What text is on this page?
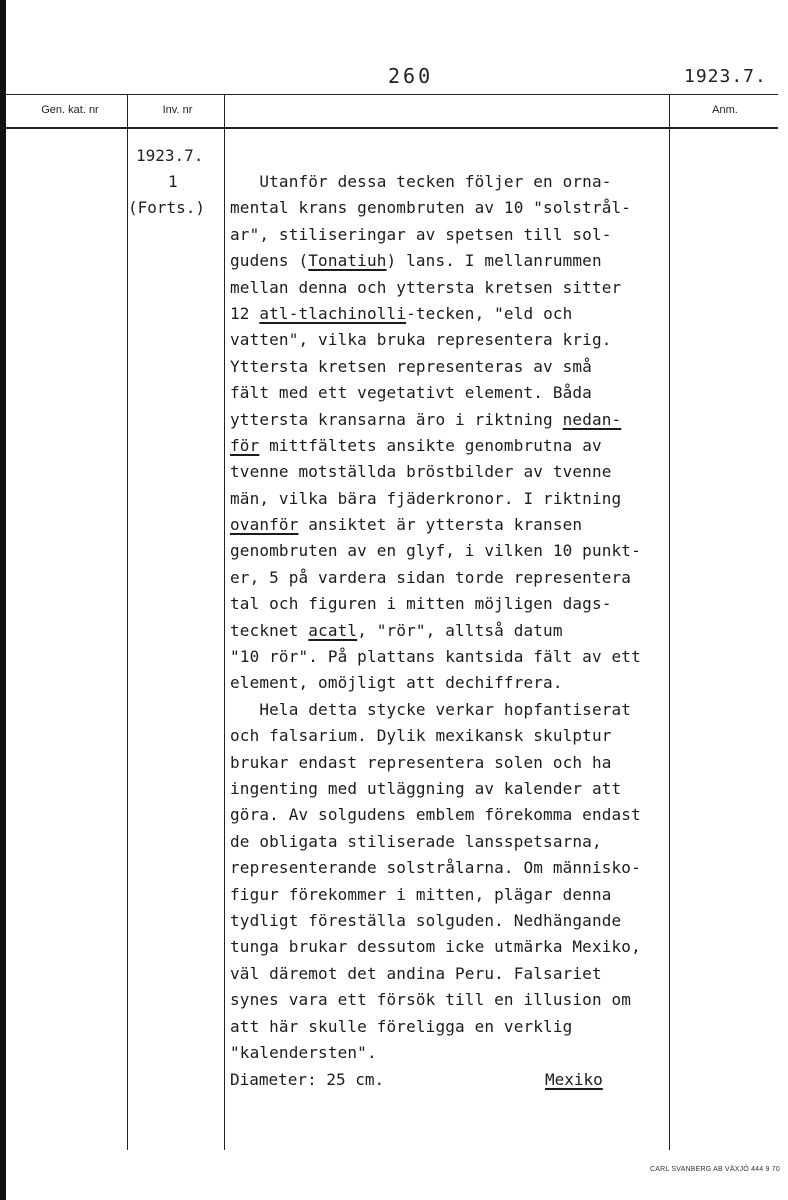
260	1923.7.
Gen. kat. nr	Inv. nr	Anm.
1923.7.
1
(Forts.)
Utanför dessa tecken följer en orna-
mental krans genombruten av 10 "solstrål-
ar", stiliseringar av spetsen till sol-
gudens (Tonatiuh) lans. I mellanrummen
mellan denna och yttersta kretsen sitter
12 atl-tlachinolli-tecken, "eld och
vatten", vilka bruka representera krig.
Yttersta kretsen representeras av små
fält med ett vegetativt element. Båda
yttersta kransarna äro i riktning nedan-
för mittfältets ansikte genombrutna av
tvenne motställda bröstbilder av tvenne
män, vilka bära fjäderkronor. I riktning
ovanför ansiktet är yttersta kransen
genombruten av en glyf, i vilken 10 punkt-
er, 5 på vardera sidan torde representera
tal och figuren i mitten möjligen dags-
tecknet acatl, "rör", alltså datum
"10 rör". På plattans kantsida fält av ett
element, omöjligt att dechiffrera.
Hela detta stycke verkar hopfantiserat
och falsarium. Dylik mexikansk skulptur
brukar endast representera solen och ha
ingenting med utläggning av kalender att
göra. Av solgudens emblem förekomma endast
de obligata stiliserade lansspetsarna,
representerande solstrålarna. Om människo-
figur förekommer i mitten, plägar denna
tydligt föreställa solguden. Nedhängande
tunga brukar dessutom icke utmärka Mexiko,
väl däremot det andina Peru. Falsariet
synes vara ett försök till en illusion om
att här skulle föreligga en verklig
"kalendersten".
Diameter: 25 cm.	Mexiko
CARL SVANBERG AB VÄXJÖ 444 9 70
